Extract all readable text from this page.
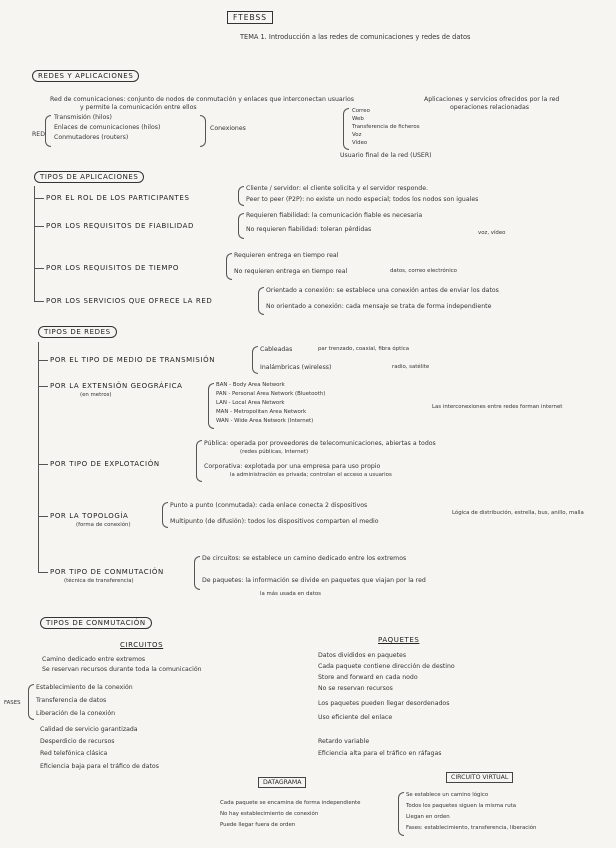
FTEBSS
TEMA 1. Introducción a las redes de comunicaciones y redes de datos
REDES Y APLICACIONES
Red de comunicaciones: conjunto de nodos de conmutación y enlaces que interconectan usuarios
y permite la comunicación entre ellos
Aplicaciones y servicios ofrecidos por la red
operaciones relacionadas
RED
Transmisión (hilos)
Enlaces de comunicaciones (hilos)
Conmutadores (routers)
Conexiones
Correo
Web
Transferencia de ficheros
Voz
Vídeo
Usuario final de la red (USER)
TIPOS DE APLICACIONES
POR EL ROL DE LOS PARTICIPANTES
Cliente / servidor: el cliente solicita y el servidor responde.
Peer to peer (P2P): no existe un nodo especial; todos los nodos son iguales
POR LOS REQUISITOS DE FIABILIDAD
Requieren fiabilidad: la comunicación fiable es necesaria
No requieren fiabilidad: toleran pérdidas	voz, vídeo
POR LOS REQUISITOS DE TIEMPO
Requieren entrega en tiempo real
No requieren entrega en tiempo real	datos, correo electrónico
POR LOS SERVICIOS QUE OFRECE LA RED
Orientado a conexión: se establece una conexión antes de enviar los datos
No orientado a conexión: cada mensaje se trata de forma independiente
TIPOS DE REDES
POR EL TIPO DE MEDIO DE TRANSMISIÓN
Cableadas	par trenzado, coaxial, fibra óptica
Inalámbricas (wireless)	radio, satélite
POR LA EXTENSIÓN GEOGRÁFICA
(en metros)
BAN - Body Area Network
PAN - Personal Area Network (Bluetooth)
LAN - Local Area Network
MAN - Metropolitan Area Network
WAN - Wide Area Network (Internet)
Las interconexiones entre redes forman internet
POR TIPO DE EXPLOTACIÓN
Pública: operada por proveedores de telecomunicaciones, abiertas a todos
(redes públicas, Internet)
Corporativa: explotada por una empresa para uso propio
la administración es privada; controlan el acceso a usuarios
POR LA TOPOLOGÍA
(forma de conexión)
Punto a punto (conmutada): cada enlace conecta 2 dispositivos
Multipunto (de difusión): todos los dispositivos comparten el medio
Lógica de distribución, estrella, bus, anillo, malla
POR TIPO DE CONMUTACIÓN
(técnica de transferencia)
De circuitos: se establece un camino dedicado entre los extremos
De paquetes: la información se divide en paquetes que viajan por la red
la más usada en datos
TIPOS DE CONMUTACIÓN
CIRCUITOS
Camino dedicado entre extremos
Se reservan recursos durante toda la comunicación
FASES
Establecimiento de la conexión
Transferencia de datos
Liberación de la conexión
Calidad de servicio garantizada
Desperdicio de recursos
Red telefónica clásica
Eficiencia baja para el tráfico de datos
PAQUETES
Datos divididos en paquetes
Cada paquete contiene dirección de destino
Store and forward en cada nodo
No se reservan recursos
Los paquetes pueden llegar desordenados
Uso eficiente del enlace
Retardo variable
Eficiencia alta para el tráfico en ráfagas
DATAGRAMA
Cada paquete se encamina de forma independiente
No hay establecimiento de conexión
Puede llegar fuera de orden
CIRCUITO VIRTUAL
Se establece un camino lógico
Todos los paquetes siguen la misma ruta
Llegan en orden
Fases: establecimiento, transferencia, liberación
